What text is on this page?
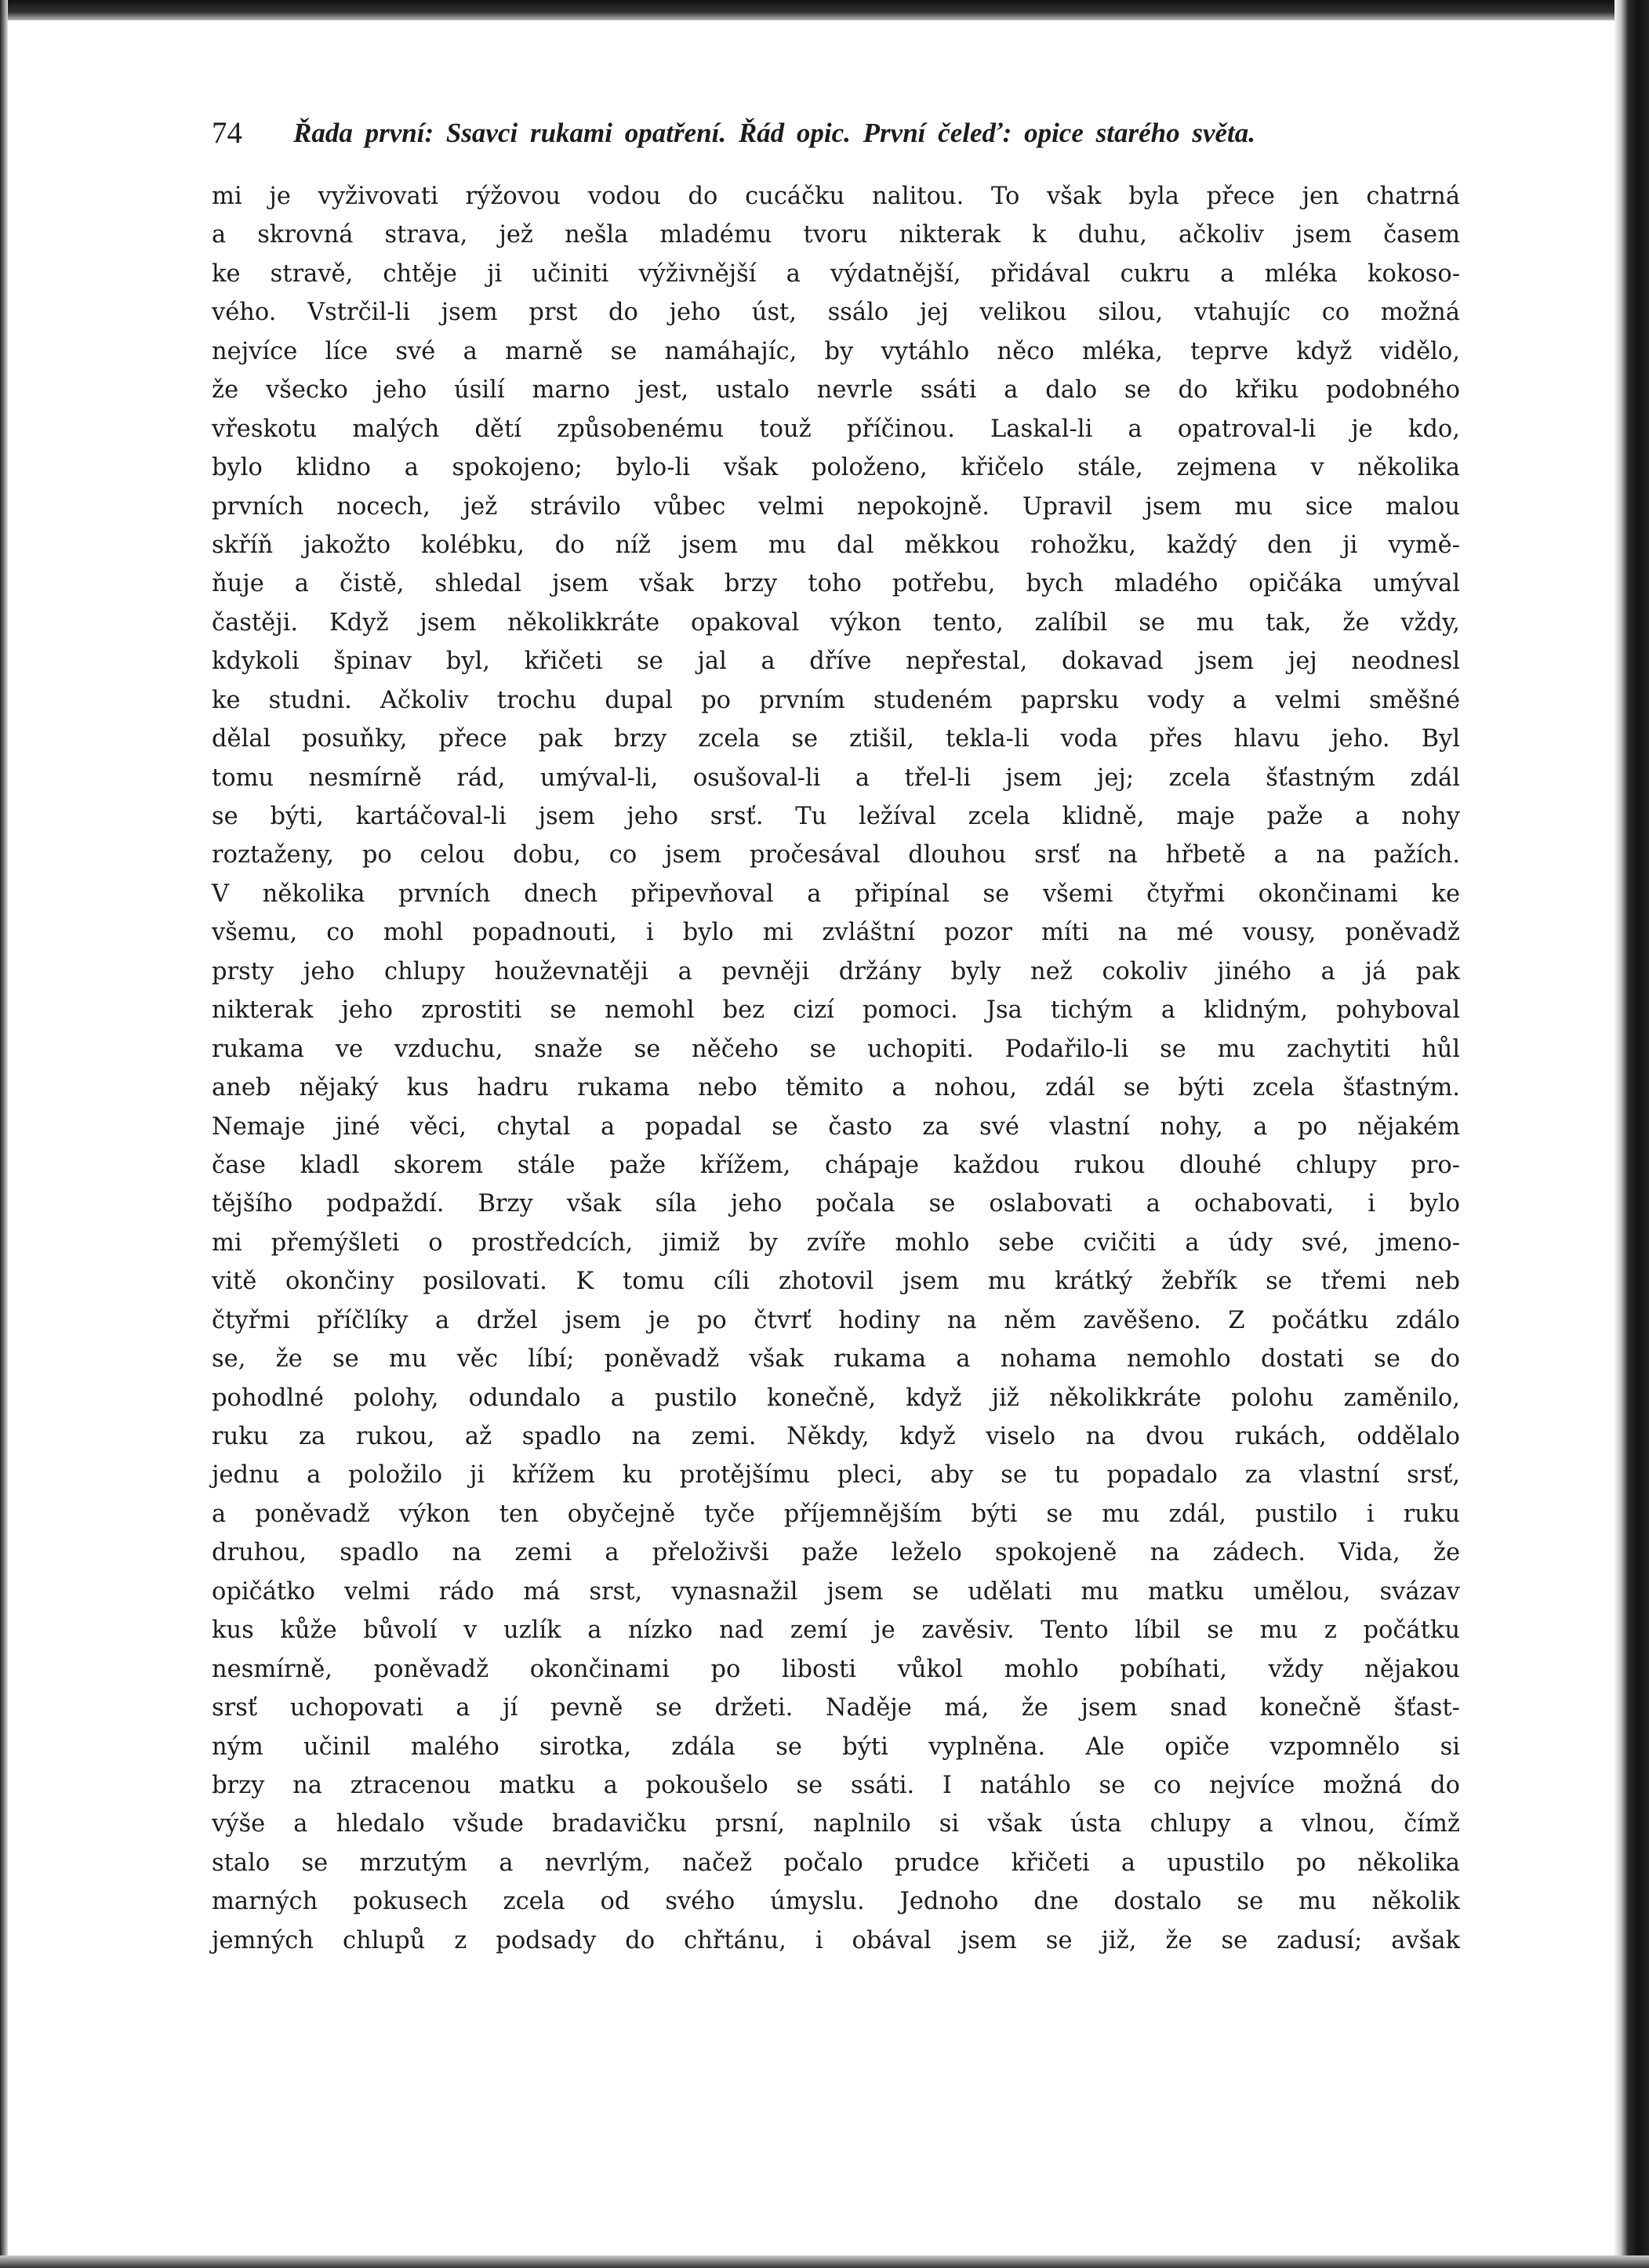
74 Řada první: Ssavci rukami opatření. Řád opic. První čeleď: opice starého světa.
mi je vyživovati rýžovou vodou do cucáčku nalitou. To však byla přece jen chatrná
a skrovná strava, jež nešla mladému tvoru nikterak k duhu, ačkoliv jsem časem
ke stravě, chtěje ji učiniti výživnější a výdatnější, přidával cukru a mléka kokoso-
vého. Vstrčil-li jsem prst do jeho úst, ssálo jej velikou silou, vtahujíc co možná
nejvíce líce své a marně se namáhajíc, by vytáhlo něco mléka, teprve když vidělo,
že všecko jeho úsilí marno jest, ustalo nevrle ssáti a dalo se do křiku podobného
vřeskotu malých dětí způsobenému touž příčinou. Laskal-li a opatroval-li je kdo,
bylo klidno a spokojeno; bylo-li však položeno, křičelo stále, zejmena v několika
prvních nocech, jež strávilo vůbec velmi nepokojně. Upravil jsem mu sice malou
skříň jakožto kolébku, do níž jsem mu dal měkkou rohožku, každý den ji vymě-
ňuje a čistě, shledal jsem však brzy toho potřebu, bych mladého opičáka umýval
častěji. Když jsem několikkráte opakoval výkon tento, zalíbil se mu tak, že vždy,
kdykoli špinav byl, křičeti se jal a dříve nepřestal, dokavad jsem jej neodnesl
ke studni. Ačkoliv trochu dupal po prvním studeném paprsku vody a velmi směšné
dělal posuňky, přece pak brzy zcela se ztišil, tekla-li voda přes hlavu jeho. Byl
tomu nesmírně rád, umýval-li, osušoval-li a třel-li jsem jej; zcela šťastným zdál
se býti, kartáčoval-li jsem jeho srsť. Tu ležíval zcela klidně, maje paže a nohy
roztaženy, po celou dobu, co jsem pročesával dlouhou srsť na hřbetě a na pažích.
V několika prvních dnech připevňoval a připínal se všemi čtyřmi okončinami ke
všemu, co mohl popadnouti, i bylo mi zvláštní pozor míti na mé vousy, poněvadž
prsty jeho chlupy houževnatěji a pevněji držány byly než cokoliv jiného a já pak
nikterak jeho zprostiti se nemohl bez cizí pomoci. Jsa tichým a klidným, pohyboval
rukama ve vzduchu, snaže se něčeho se uchopiti. Podařilo-li se mu zachytiti hůl
aneb nějaký kus hadru rukama nebo těmito a nohou, zdál se býti zcela šťastným.
Nemaje jiné věci, chytal a popadal se často za své vlastní nohy, a po nějakém
čase kladl skorem stále paže křížem, chápaje každou rukou dlouhé chlupy pro-
tějšího podpaždí. Brzy však síla jeho počala se oslabovati a ochabovati, i bylo
mi přemýšleti o prostředcích, jimiž by zvíře mohlo sebe cvičiti a údy své, jmeno-
vitě okončiny posilovati. K tomu cíli zhotovil jsem mu krátký žebřík se třemi neb
čtyřmi příčlíky a držel jsem je po čtvrť hodiny na něm zavěšeno. Z počátku zdálo
se, že se mu věc líbí; poněvadž však rukama a nohama nemohlo dostati se do
pohodlné polohy, odundalo a pustilo konečně, když již několikkráte polohu zaměnilo,
ruku za rukou, až spadlo na zemi. Někdy, když viselo na dvou rukách, oddělalo
jednu a položilo ji křížem ku protějšímu pleci, aby se tu popadalo za vlastní srsť,
a poněvadž výkon ten obyčejně tyče příjemnějším býti se mu zdál, pustilo i ruku
druhou, spadlo na zemi a přeloživši paže leželo spokojeně na zádech. Vida, že
opičátko velmi rádo má srst, vynasnažil jsem se udělati mu matku umělou, svázav
kus kůže bůvolí v uzlík a nízko nad zemí je zavěsiv. Tento líbil se mu z počátku
nesmírně, poněvadž okončinami po libosti vůkol mohlo pobíhati, vždy nějakou
srsť uchopovati a jí pevně se držeti. Naděje má, že jsem snad konečně šťast-
ným učinil malého sirotka, zdála se býti vyplněna. Ale opiče vzpomnělo si
brzy na ztracenou matku a pokoušelo se ssáti. I natáhlo se co nejvíce možná do
výše a hledalo všude bradavičku prsní, naplnilo si však ústa chlupy a vlnou, čímž
stalo se mrzutým a nevrlým, načež počalo prudce křičeti a upustilo po několika
marných pokusech zcela od svého úmyslu. Jednoho dne dostalo se mu několik
jemných chlupů z podsady do chřtánu, i obával jsem se již, že se zadusí; avšak
